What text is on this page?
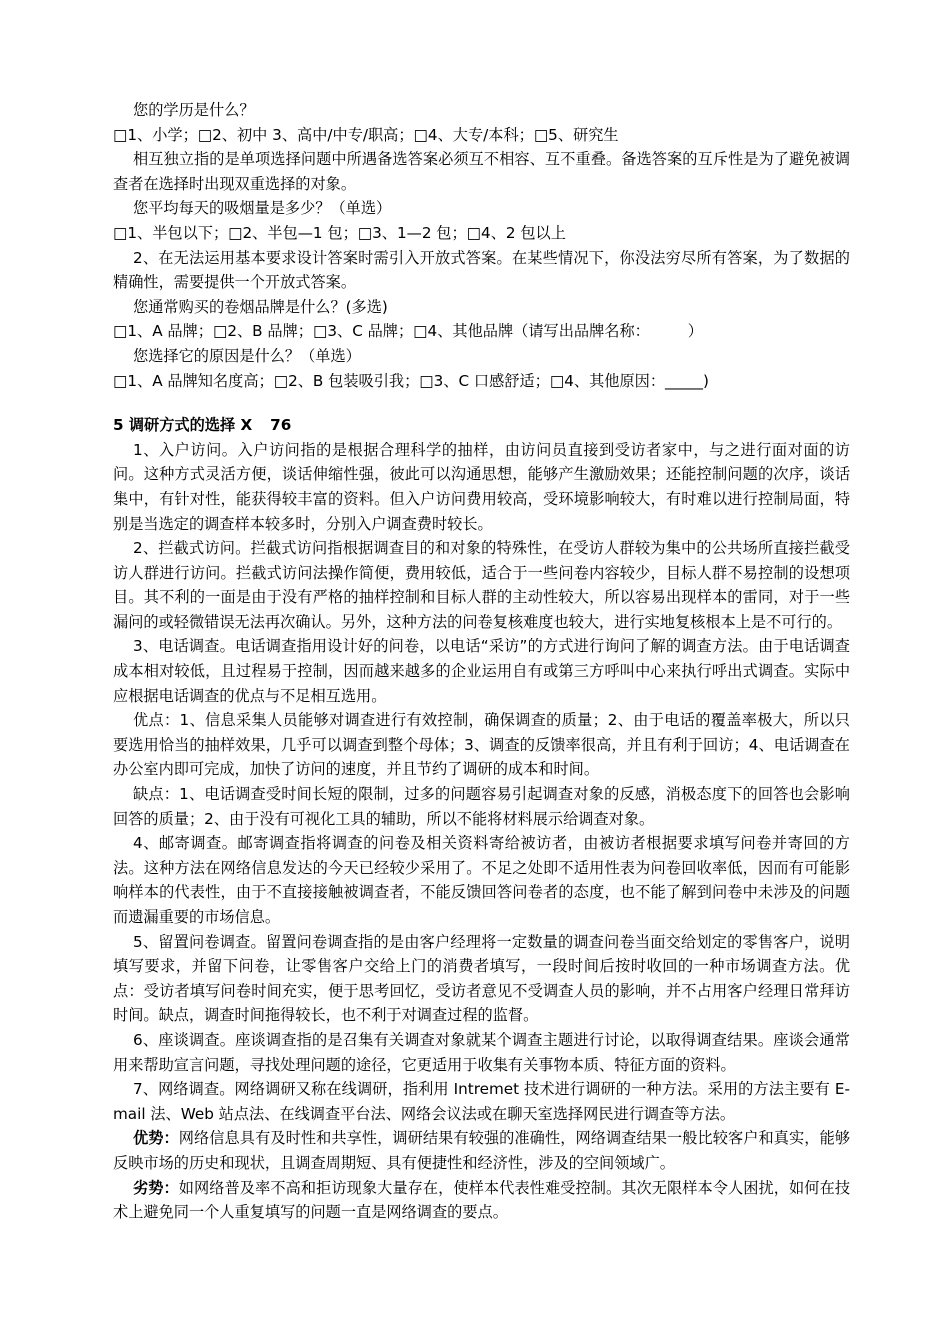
您的学历是什么？

□1、小学；□2、初中 3、高中/中专/职高；□4、大专/本科；□5、研究生

相互独立指的是单项选择问题中所遇备选答案必须互不相容、互不重叠。备选答案的互斥性是为了避免被调查者在选择时出现双重选择的对象。

您平均每天的吸烟量是多少？（单选）

□1、半包以下；□2、半包—1 包；□3、1—2 包；□4、2 包以上

2、在无法运用基本要求设计答案时需引入开放式答案。在某些情况下，你没法穷尽所有答案，为了数据的精确性，需要提供一个开放式答案。

您通常购买的卷烟品牌是什么？(多选)

□1、A 品牌；□2、B 品牌；□3、C 品牌；□4、其他品牌（请写出品牌名称：　　　）

您选择它的原因是什么？（单选）

□1、A 品牌知名度高；□2、B 包装吸引我；□3、C 口感舒适；□4、其他原因：_____)

5 调研方式的选择 X 76

1、入户访问。入户访问指的是根据合理科学的抽样，由访问员直接到受访者家中，与之进行面对面的访问。这种方式灵活方便，谈话伸缩性强，彼此可以沟通思想，能够产生激励效果；还能控制问题的次序，谈话集中，有针对性，能获得较丰富的资料。但入户访问费用较高，受环境影响较大，有时难以进行控制局面，特别是当选定的调查样本较多时，分别入户调查费时较长。

2、拦截式访问。拦截式访问指根据调查目的和对象的特殊性，在受访人群较为集中的公共场所直接拦截受访人群进行访问。拦截式访问法操作简便，费用较低，适合于一些问卷内容较少，目标人群不易控制的设想项目。其不利的一面是由于没有严格的抽样控制和目标人群的主动性较大，所以容易出现样本的雷同，对于一些漏问的或轻微错误无法再次确认。另外，这种方法的问卷复核难度也较大，进行实地复核根本上是不可行的。

3、电话调查。电话调查指用设计好的问卷，以电话“采访”的方式进行询问了解的调查方法。由于电话调查成本相对较低，且过程易于控制，因而越来越多的企业运用自有或第三方呼叫中心来执行呼出式调查。实际中应根据电话调查的优点与不足相互选用。

优点：1、信息采集人员能够对调查进行有效控制，确保调查的质量；2、由于电话的覆盖率极大，所以只要选用恰当的抽样效果，几乎可以调查到整个母体；3、调查的反馈率很高，并且有利于回访；4、电话调查在办公室内即可完成，加快了访问的速度，并且节约了调研的成本和时间。

缺点：1、电话调查受时间长短的限制，过多的问题容易引起调查对象的反感，消极态度下的回答也会影响回答的质量；2、由于没有可视化工具的辅助，所以不能将材料展示给调查对象。

4、邮寄调查。邮寄调查指将调查的问卷及相关资料寄给被访者，由被访者根据要求填写问卷并寄回的方法。这种方法在网络信息发达的今天已经较少采用了。不足之处即不适用性表为问卷回收率低，因而有可能影响样本的代表性，由于不直接接触被调查者，不能反馈回答问卷者的态度，也不能了解到问卷中未涉及的问题而遗漏重要的市场信息。

5、留置问卷调查。留置问卷调查指的是由客户经理将一定数量的调查问卷当面交给划定的零售客户，说明填写要求，并留下问卷，让零售客户交给上门的消费者填写，一段时间后按时收回的一种市场调查方法。优点：受访者填写问卷时间充实，便于思考回忆，受访者意见不受调查人员的影响，并不占用客户经理日常拜访时间。缺点，调查时间拖得较长，也不利于对调查过程的监督。

6、座谈调查。座谈调查指的是召集有关调查对象就某个调查主题进行讨论，以取得调查结果。座谈会通常用来帮助宣言问题，寻找处理问题的途径，它更适用于收集有关事物本质、特征方面的资料。

7、网络调查。网络调研又称在线调研，指利用 Intremet 技术进行调研的一种方法。采用的方法主要有 E-mail 法、Web 站点法、在线调查平台法、网络会议法或在聊天室选择网民进行调查等方法。

优势：网络信息具有及时性和共享性，调研结果有较强的准确性，网络调查结果一般比较客户和真实，能够反映市场的历史和现状，且调查周期短、具有便捷性和经济性，涉及的空间领域广。

劣势：如网络普及率不高和拒访现象大量存在，使样本代表性难受控制。其次无限样本令人困扰，如何在技术上避免同一个人重复填写的问题一直是网络调查的要点。
